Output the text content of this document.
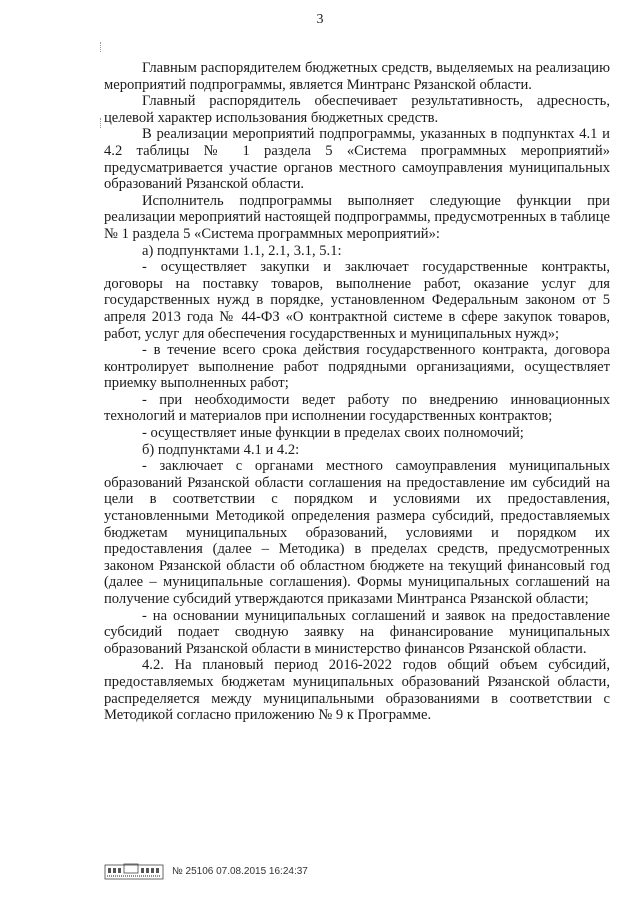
3

Главным распорядителем бюджетных средств, выделяемых на реализацию мероприятий подпрограммы, является Минтранс Рязанской области.

Главный распорядитель обеспечивает результативность, адресность, целевой характер использования бюджетных средств.

В реализации мероприятий подпрограммы, указанных в подпунктах 4.1 и 4.2 таблицы № 1 раздела 5 «Система программных мероприятий» предусматривается участие органов местного самоуправления муниципальных образований Рязанской области.

Исполнитель подпрограммы выполняет следующие функции при реализации мероприятий настоящей подпрограммы, предусмотренных в таблице № 1 раздела 5 «Система программных мероприятий»:

а) подпунктами 1.1, 2.1, 3.1, 5.1:

- осуществляет закупки и заключает государственные контракты, договоры на поставку товаров, выполнение работ, оказание услуг для государственных нужд в порядке, установленном Федеральным законом от 5 апреля 2013 года № 44-ФЗ «О контрактной системе в сфере закупок товаров, работ, услуг для обеспечения государственных и муниципальных нужд»;

- в течение всего срока действия государственного контракта, договора контролирует выполнение работ подрядными организациями, осуществляет приемку выполненных работ;

- при необходимости ведет работу по внедрению инновационных технологий и материалов при исполнении государственных контрактов;

- осуществляет иные функции в пределах своих полномочий;

б) подпунктами 4.1 и 4.2:

- заключает с органами местного самоуправления муниципальных образований Рязанской области соглашения на предоставление им субсидий на цели в соответствии с порядком и условиями их предоставления, установленными Методикой определения размера субсидий, предоставляемых бюджетам муниципальных образований, условиями и порядком их предоставления (далее – Методика) в пределах средств, предусмотренных законом Рязанской области об областном бюджете на текущий финансовый год (далее – муниципальные соглашения). Формы муниципальных соглашений на получение субсидий утверждаются приказами Минтранса Рязанской области;

- на основании муниципальных соглашений и заявок на предоставление субсидий подает сводную заявку на финансирование муниципальных образований Рязанской области в министерство финансов Рязанской области.

4.2. На плановый период 2016-2022 годов общий объем субсидий, предоставляемых бюджетам муниципальных образований Рязанской области, распределяется между муниципальными образованиями в соответствии с Методикой согласно приложению № 9 к Программе.

№ 25106 07.08.2015 16:24:37
